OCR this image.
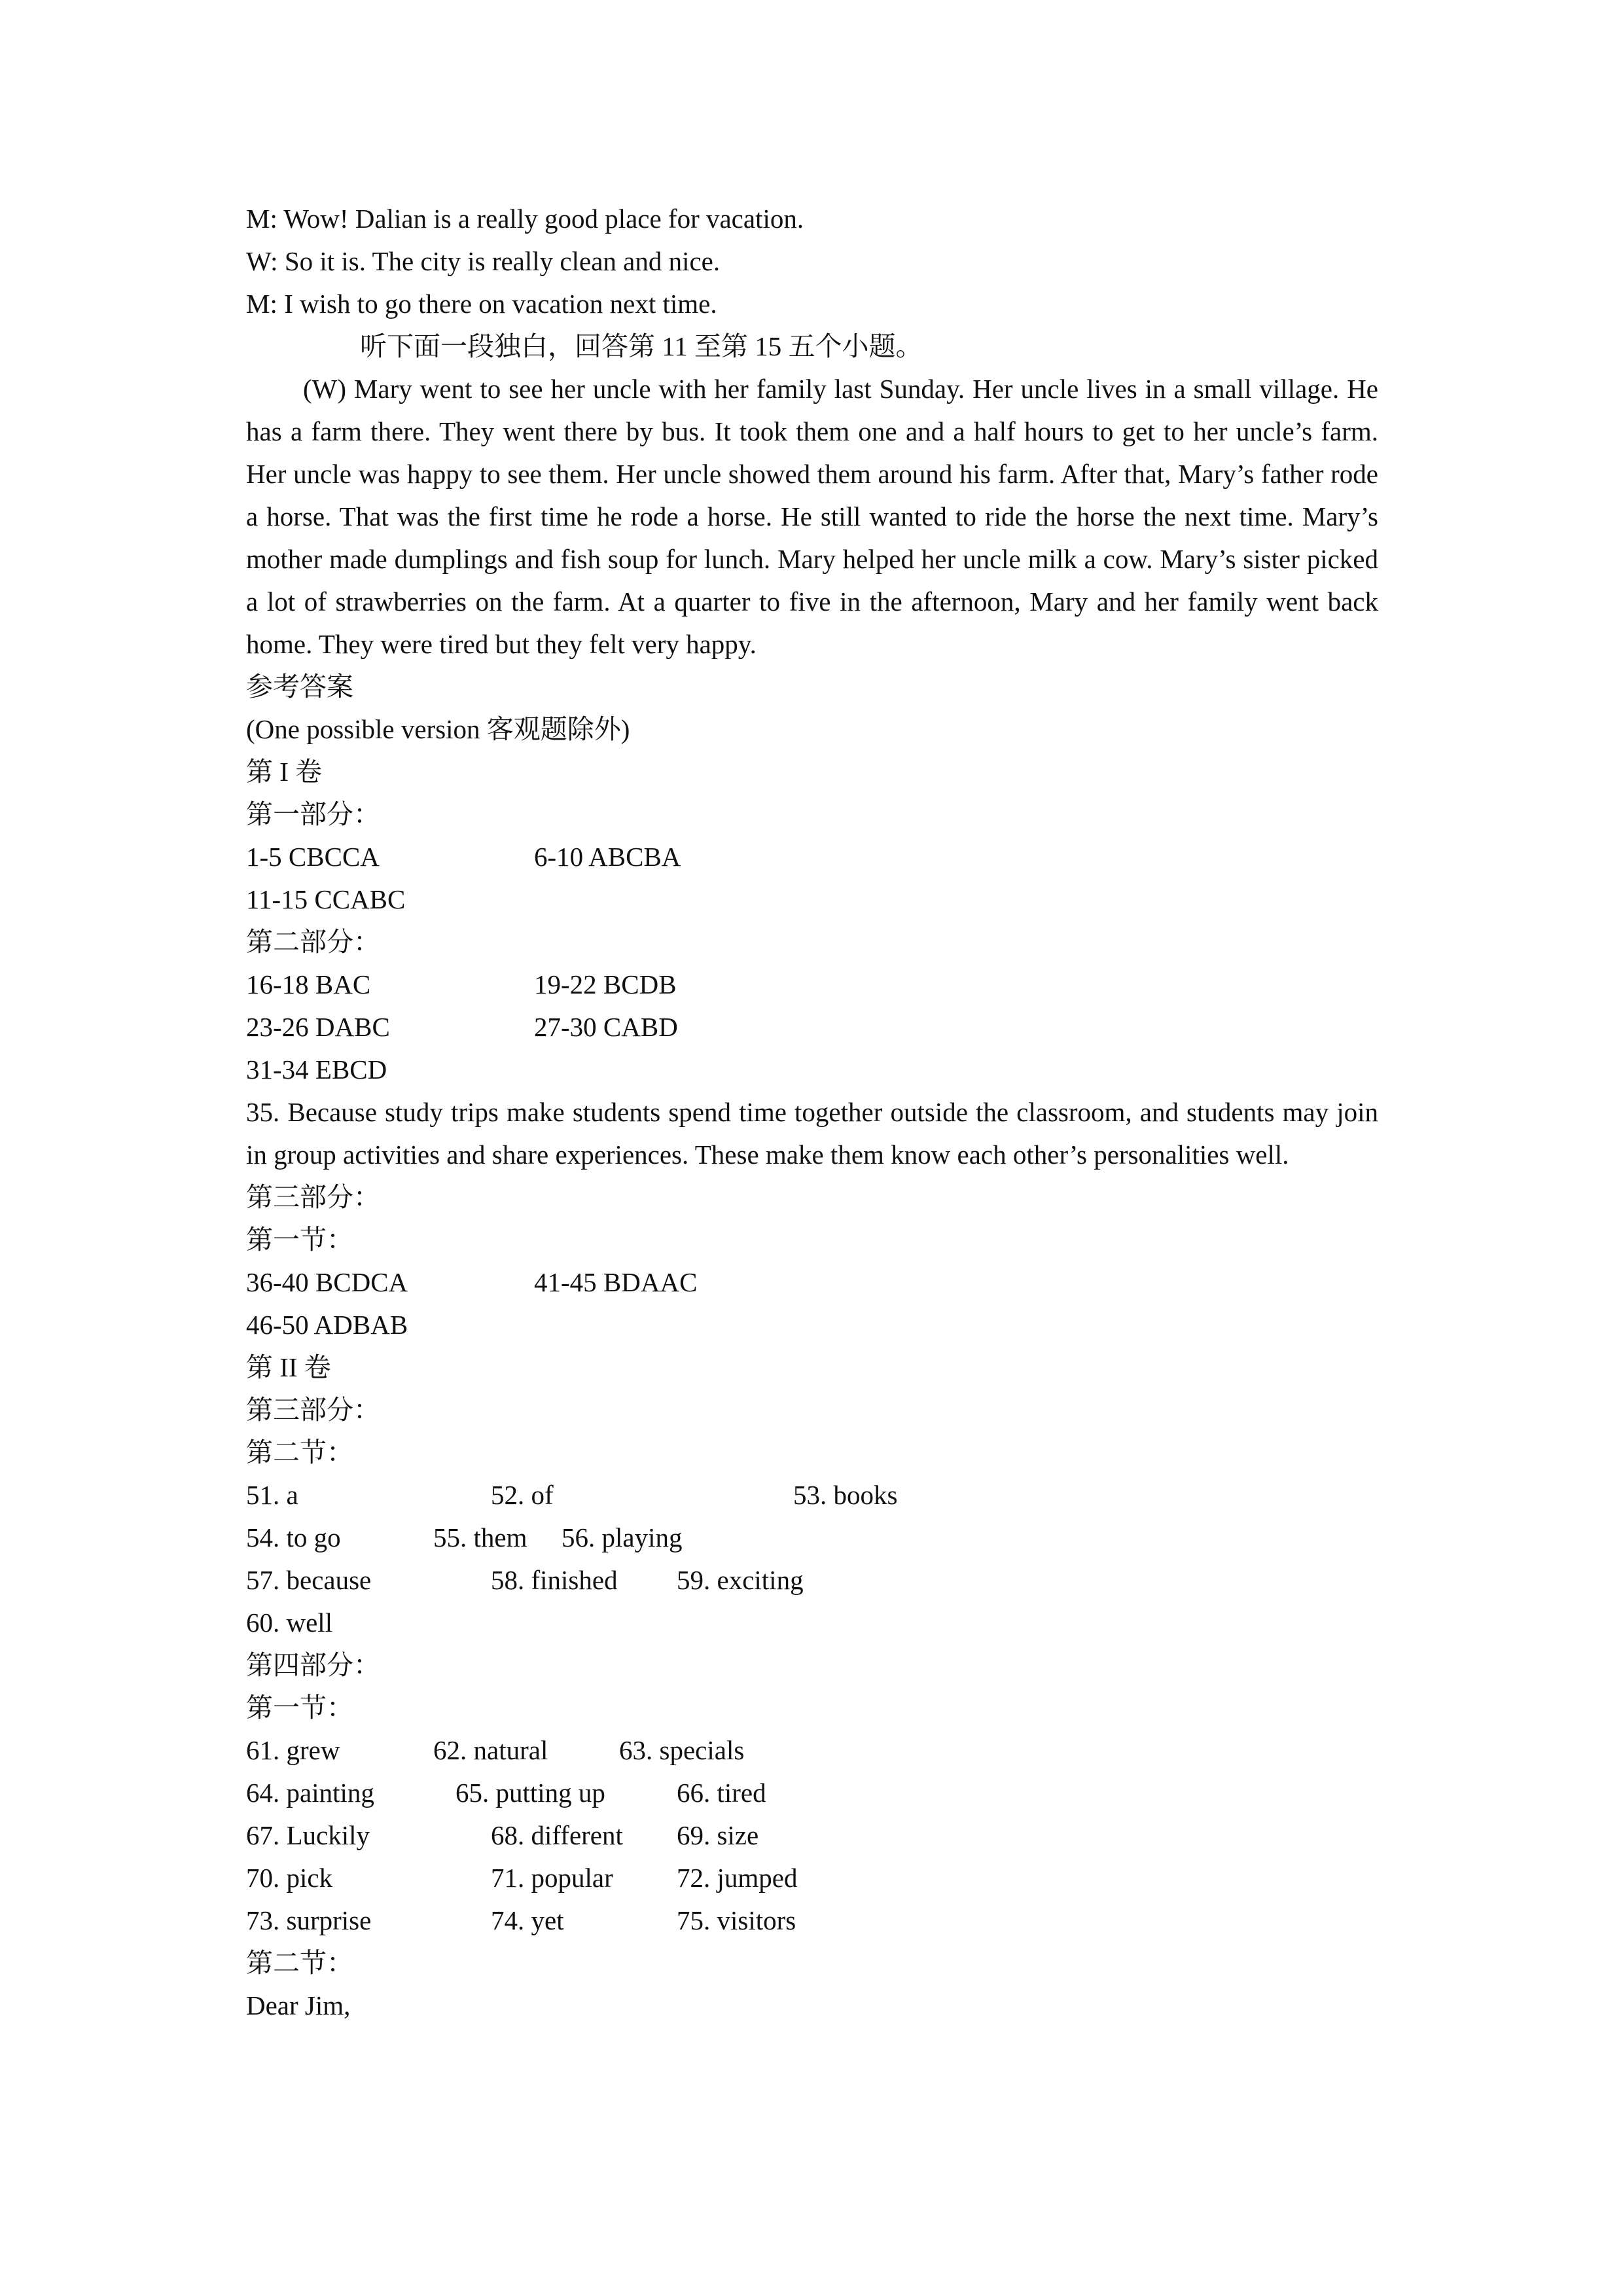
M: Wow! Dalian is a really good place for vacation.
W: So it is. The city is really clean and nice.
M: I wish to go there on vacation next time.
听下面一段独白，回答第 11 至第 15 五个小题。
(W) Mary went to see her uncle with her family last Sunday. Her uncle lives in a small village. He has a farm there. They went there by bus. It took them one and a half hours to get to her uncle’s farm. Her uncle was happy to see them. Her uncle showed them around his farm. After that, Mary’s father rode a horse. That was the first time he rode a horse. He still wanted to ride the horse the next time. Mary’s mother made dumplings and fish soup for lunch. Mary helped her uncle milk a cow. Mary’s sister picked a lot of strawberries on the farm. At a quarter to five in the afternoon, Mary and her family went back home. They were tired but they felt very happy.
参考答案
(One possible version 客观题除外)
第 I 卷
第一部分：
1-5 CBCCA	6-10 ABCBA
11-15 CCABC
第二部分：
16-18 BAC	19-22 BCDB
23-26 DABC	27-30 CABD
31-34 EBCD
35. Because study trips make students spend time together outside the classroom, and students may join in group activities and share experiences. These make them know each other’s personalities well.
第三部分：
第一节：
36-40 BCDCA	41-45 BDAAC
46-50 ADBAB
第 II 卷
第三部分：
第二节：
51. a	52. of	53. books
54. to go	55. them 56. playing
57. because	58. finished 59. exciting
60. well
第四部分：
第一节：
61. grew	62. natural	63. specials
64. painting	65. putting up	66. tired
67. Luckily	68. different 69. size
70. pick	71. popular 72. jumped
73. surprise	74. yet	75. visitors
第二节：
Dear Jim,
